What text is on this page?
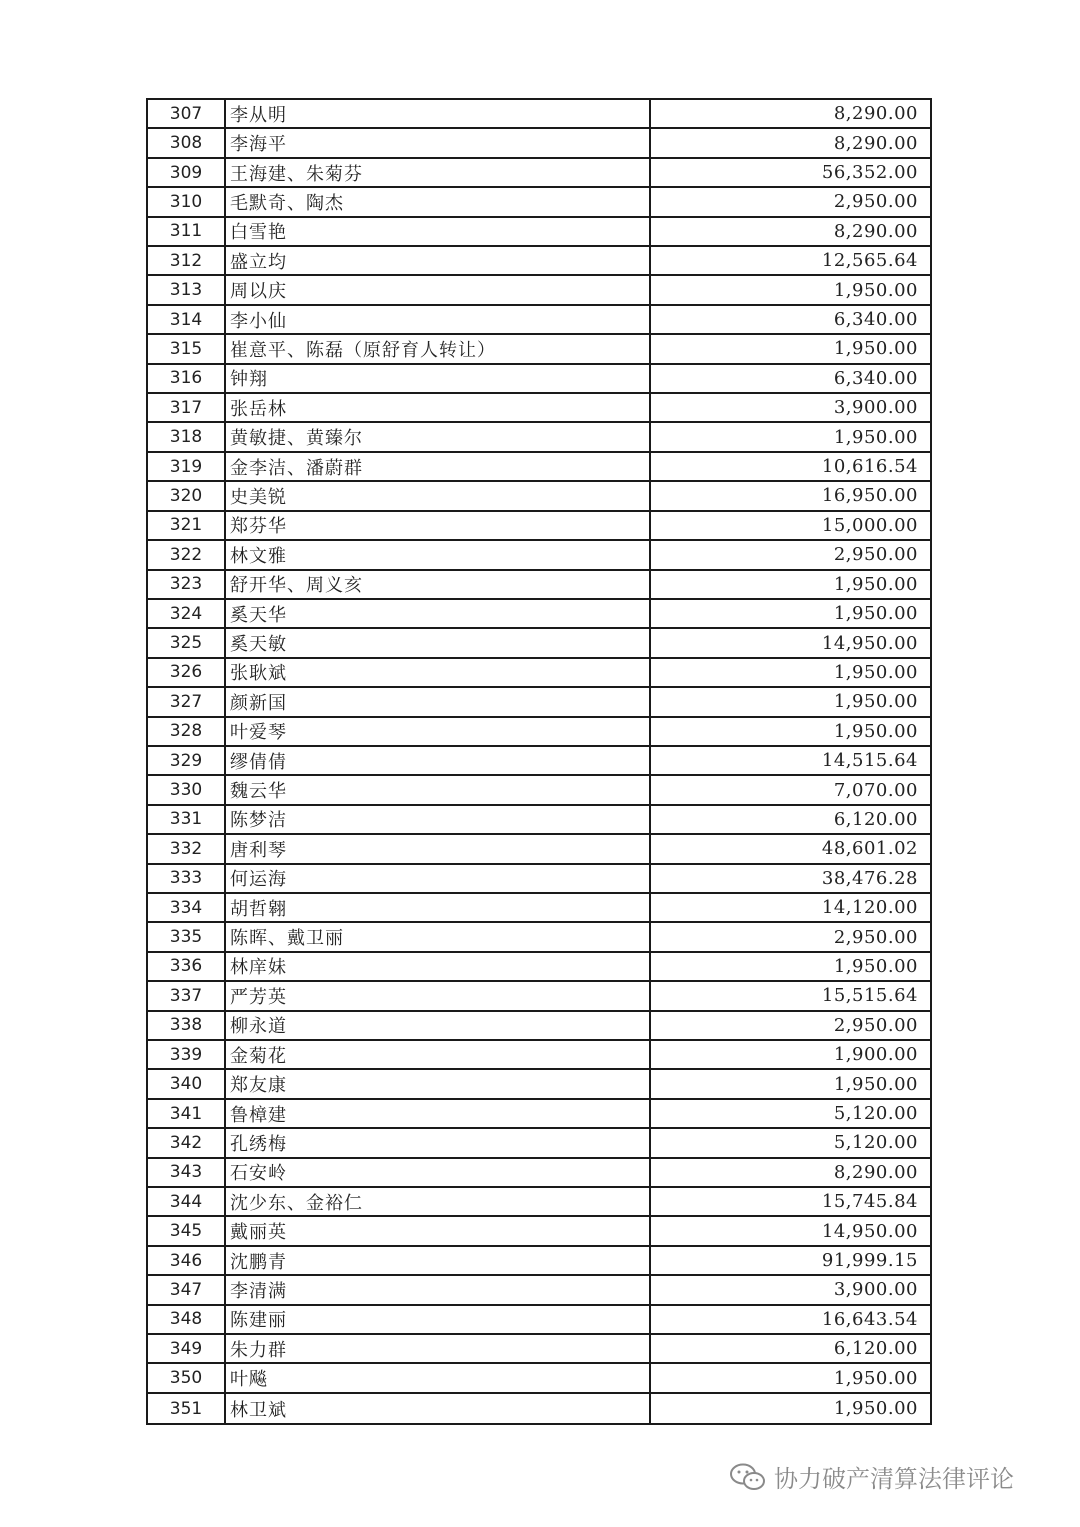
307	李从明	8,290.00
308	李海平	8,290.00
309	王海建、朱菊芬	56,352.00
310	毛默奇、陶杰	2,950.00
311	白雪艳	8,290.00
312	盛立均	12,565.64
313	周以庆	1,950.00
314	李小仙	6,340.00
315	崔意平、陈磊（原舒育人转让）	1,950.00
316	钟翔	6,340.00
317	张岳林	3,900.00
318	黄敏捷、黄臻尔	1,950.00
319	金李洁、潘蔚群	10,616.54
320	史美锐	16,950.00
321	郑芬华	15,000.00
322	林文雅	2,950.00
323	舒开华、周义亥	1,950.00
324	奚天华	1,950.00
325	奚天敏	14,950.00
326	张耿斌	1,950.00
327	颜新国	1,950.00
328	叶爱琴	1,950.00
329	缪倩倩	14,515.64
330	魏云华	7,070.00
331	陈梦洁	6,120.00
332	唐利琴	48,601.02
333	何运海	38,476.28
334	胡哲翱	14,120.00
335	陈晖、戴卫丽	2,950.00
336	林庠妹	1,950.00
337	严芳英	15,515.64
338	柳永道	2,950.00
339	金菊花	1,900.00
340	郑友康	1,950.00
341	鲁樟建	5,120.00
342	孔绣梅	5,120.00
343	石安岭	8,290.00
344	沈少东、金裕仁	15,745.84
345	戴丽英	14,950.00
346	沈鹏青	91,999.15
347	李清满	3,900.00
348	陈建丽	16,643.54
349	朱力群	6,120.00
350	叶飚	1,950.00
351	林卫斌	1,950.00
协力破产清算法律评论
